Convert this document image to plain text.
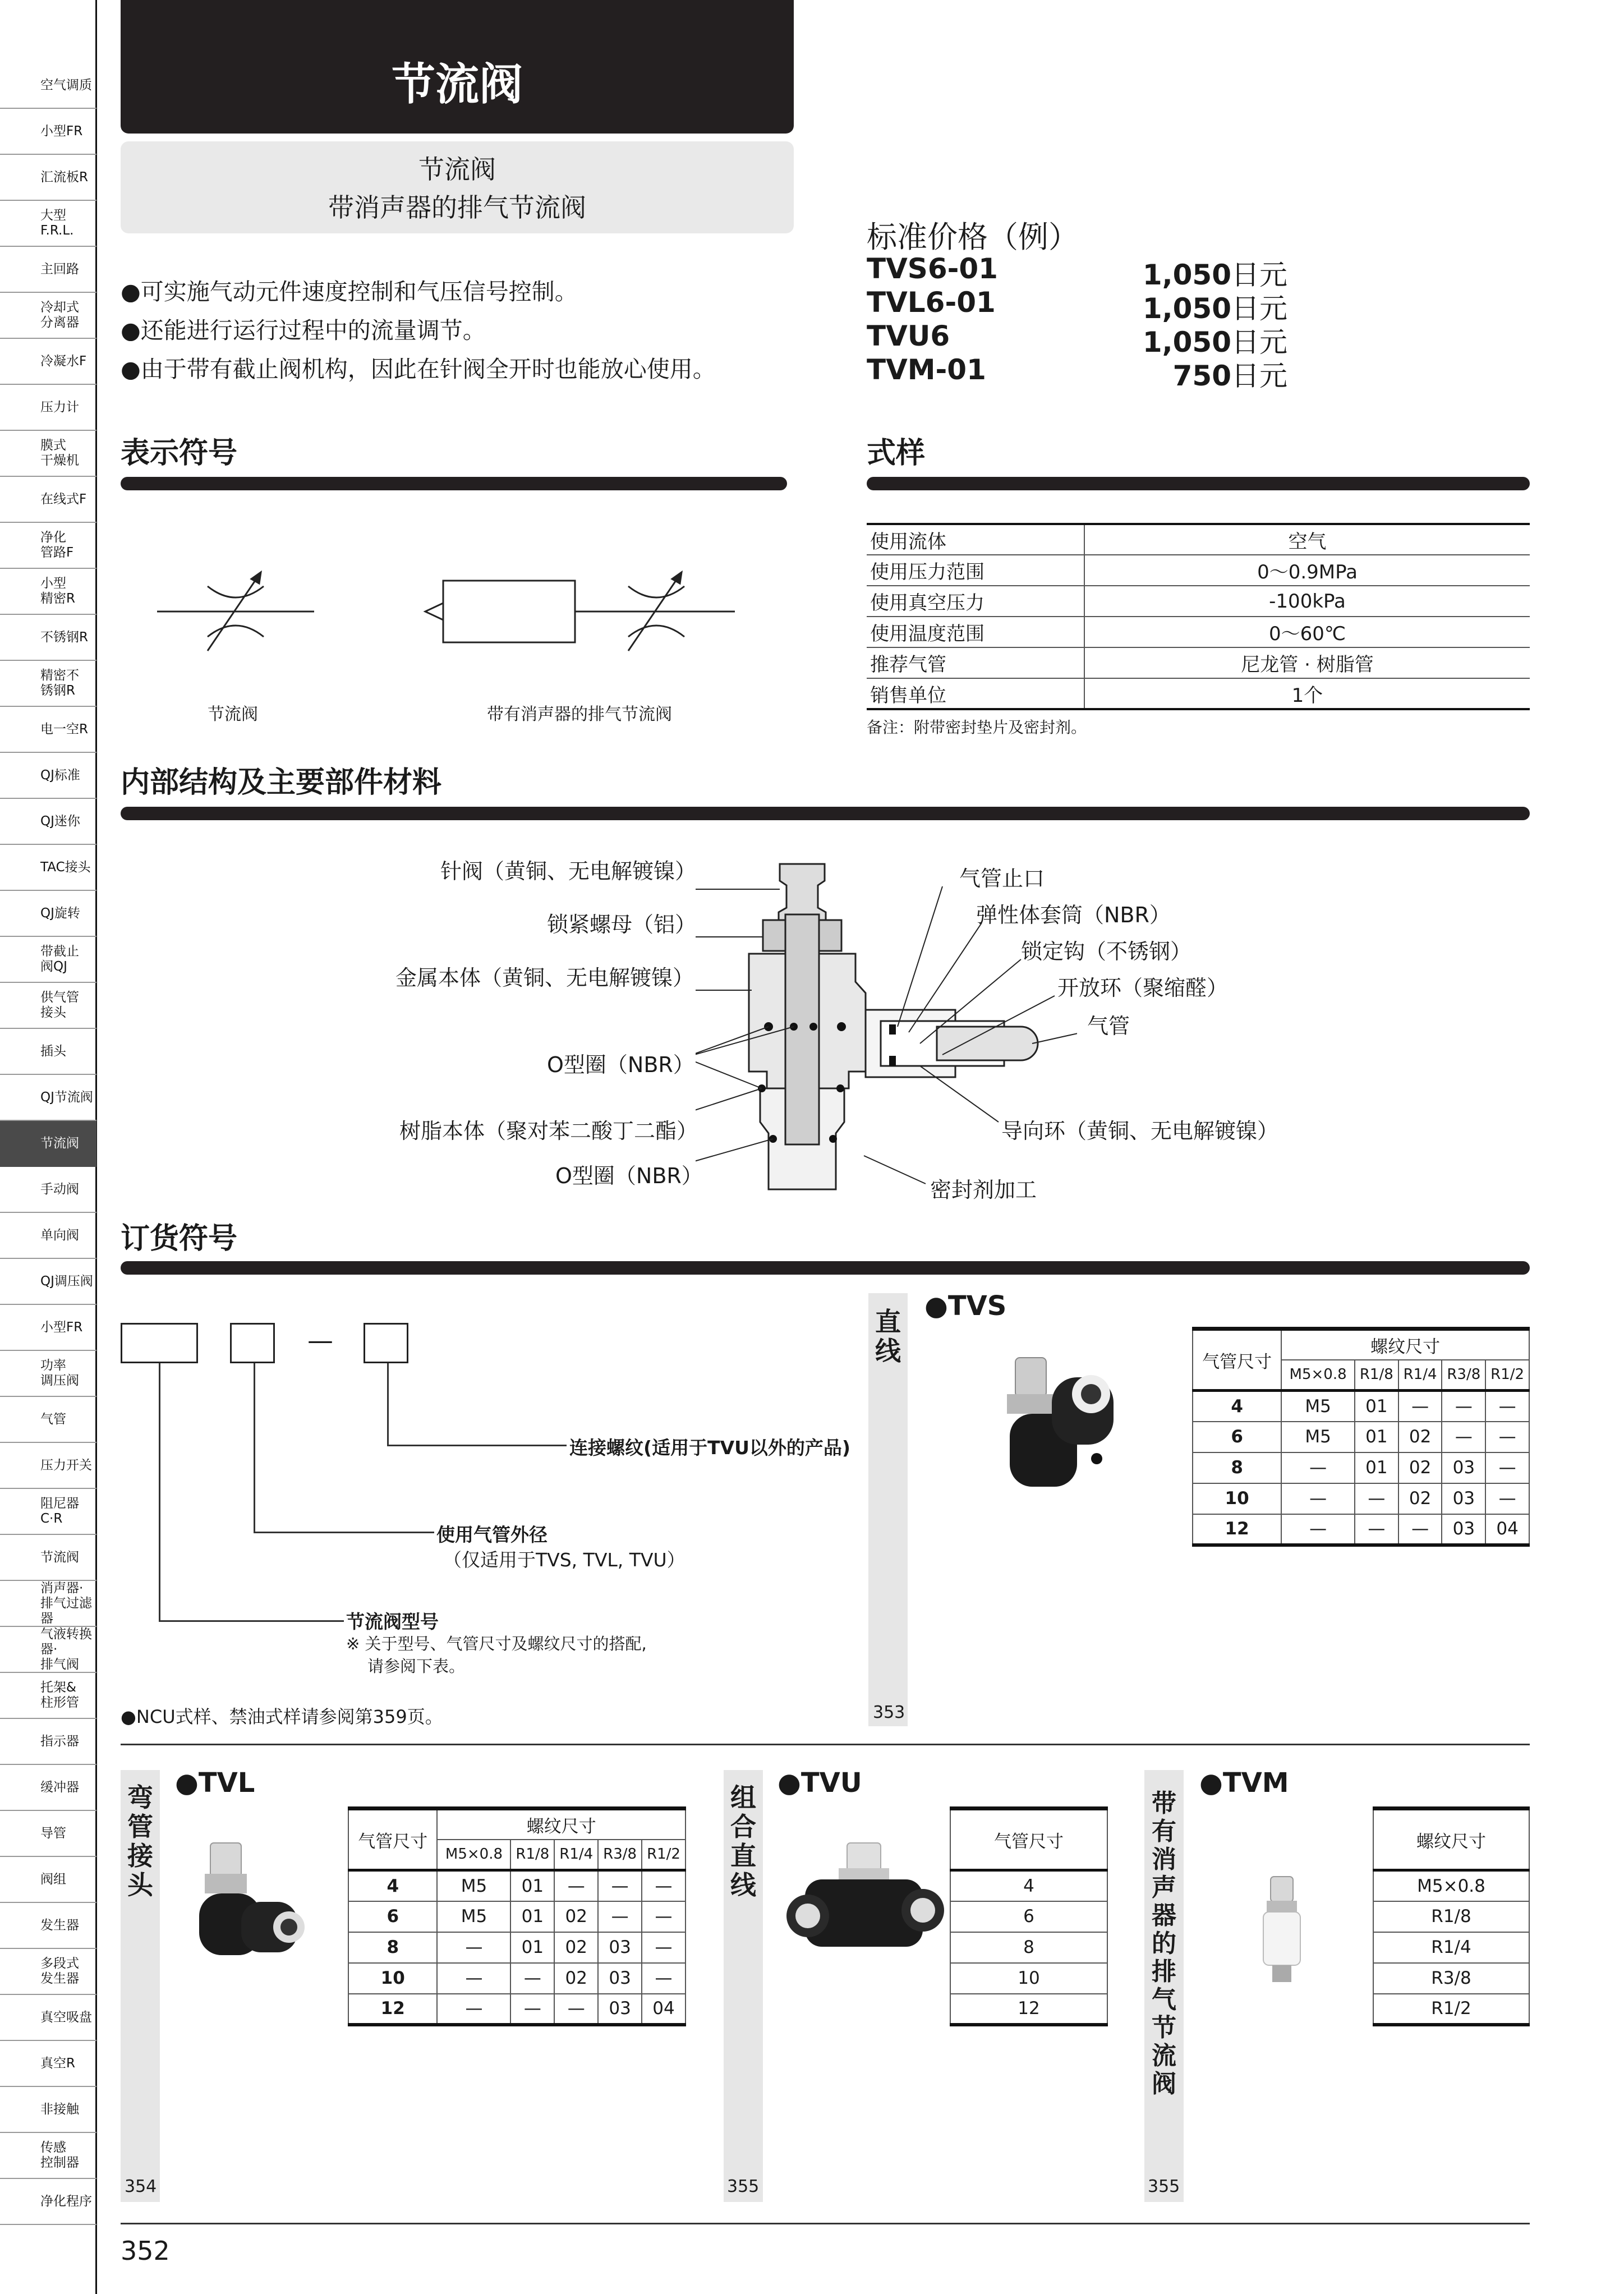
空气调质
小型FR
汇流板R
大型
F.R.L.
主回路
冷却式
分离器
冷凝水F
压力计
膜式
干燥机
在线式F
净化
管路F
小型
精密R
不锈钢R
精密不
锈钢R
电一空R
QJ标准
QJ迷你
TAC接头
QJ旋转
带截止
阀QJ
供气管
接头
插头
QJ节流阀
节流阀
手动阀
单向阀
QJ调压阀
小型FR
功率
调压阀
气管
压力开关
阻尼器
C·R
节流阀
消声器·
排气过滤器
气液转换器·
排气阀
托架&
柱形管
指示器
缓冲器
导管
阀组
发生器
多段式
发生器
真空吸盘
真空R
非接触
传感
控制器
净化程序
节流阀
节流阀
带消声器的排气节流阀
●可实施气动元件速度控制和气压信号控制。
●还能进行运行过程中的流量调节。
●由于带有截止阀机构，因此在针阀全开时也能放心使用。
标准价格（例）
TVS6-01	1,050日元
TVL6-01	1,050日元
TVU6	1,050日元
TVM-01	750日元
表示符号
节流阀	带有消声器的排气节流阀
式样
使用流体	空气
使用压力范围	0～0.9MPa
使用真空压力	-100kPa
使用温度范围	0～60℃
推荐气管	尼龙管 · 树脂管
销售单位	1个
备注：附带密封垫片及密封剂。
内部结构及主要部件材料
针阀（黄铜、无电解镀镍）
锁紧螺母（铝）
金属本体（黄铜、无电解镀镍）
O型圈（NBR）
树脂本体（聚对苯二酸丁二酯）
O型圈（NBR）
气管止口
弹性体套筒（NBR）
锁定钩（不锈钢）
开放环（聚缩醛）
气管
导向环（黄铜、无电解镀镍）
密封剂加工
订货符号
—
连接螺纹(适用于TVU以外的产品)
使用气管外径
（仅适用于TVS, TVL, TVU）
节流阀型号
※ 关于型号、气管尺寸及螺纹尺寸的搭配,
请参阅下表。
●NCU式样、禁油式样请参阅第359页。
直
线
353
●TVS
气管尺寸	螺纹尺寸				
	M5×0.8	R1/8	R1/4	R3/8	R1/2
4	M5	01	—	—	—
6	M5	01	02	—	—
8	—	01	02	03	—
10	—	—	02	03	—
12	—	—	—	03	04
弯
管
接
头
354
●TVL
气管尺寸	螺纹尺寸				
	M5×0.8	R1/8	R1/4	R3/8	R1/2
4	M5	01	—	—	—
6	M5	01	02	—	—
8	—	01	02	03	—
10	—	—	02	03	—
12	—	—	—	03	04
组
合
直
线
355
●TVU
气管尺寸
4
6
8
10
12
带
有
消
声
器
的
排
气
节
流
阀
355
●TVM
螺纹尺寸
M5×0.8
R1/8
R1/4
R3/8
R1/2
352
